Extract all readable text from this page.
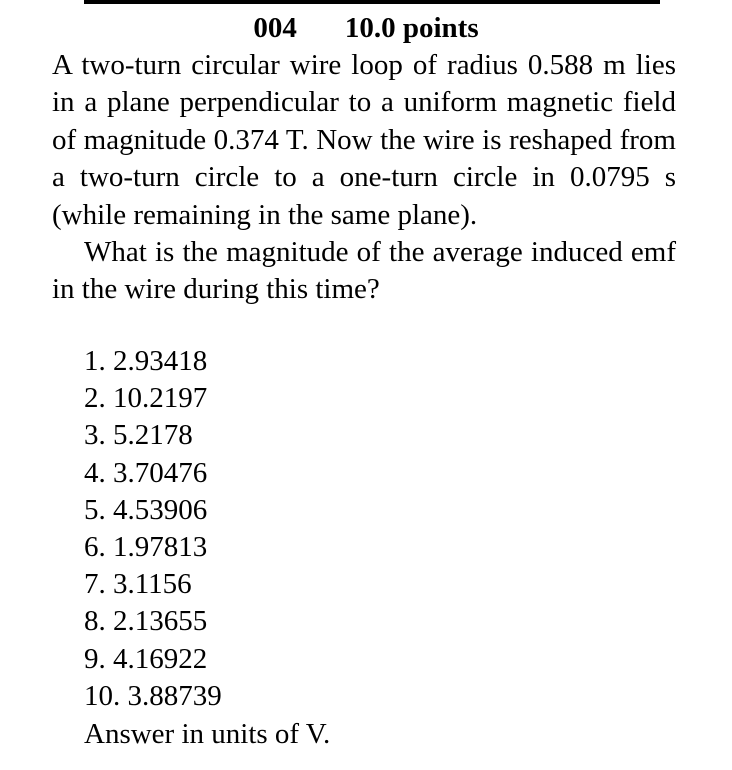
004 10.0 points

A two-turn circular wire loop of radius 0.588 m lies in a plane perpendicular to a uniform magnetic field of magnitude 0.374 T. Now the wire is reshaped from a two-turn circle to a one-turn circle in 0.0795 s (while remaining in the same plane).

What is the magnitude of the average induced emf in the wire during this time?

1. 2.93418
2. 10.2197
3. 5.2178
4. 3.70476
5. 4.53906
6. 1.97813
7. 3.1156
8. 2.13655
9. 4.16922
10. 3.88739
Answer in units of V.
